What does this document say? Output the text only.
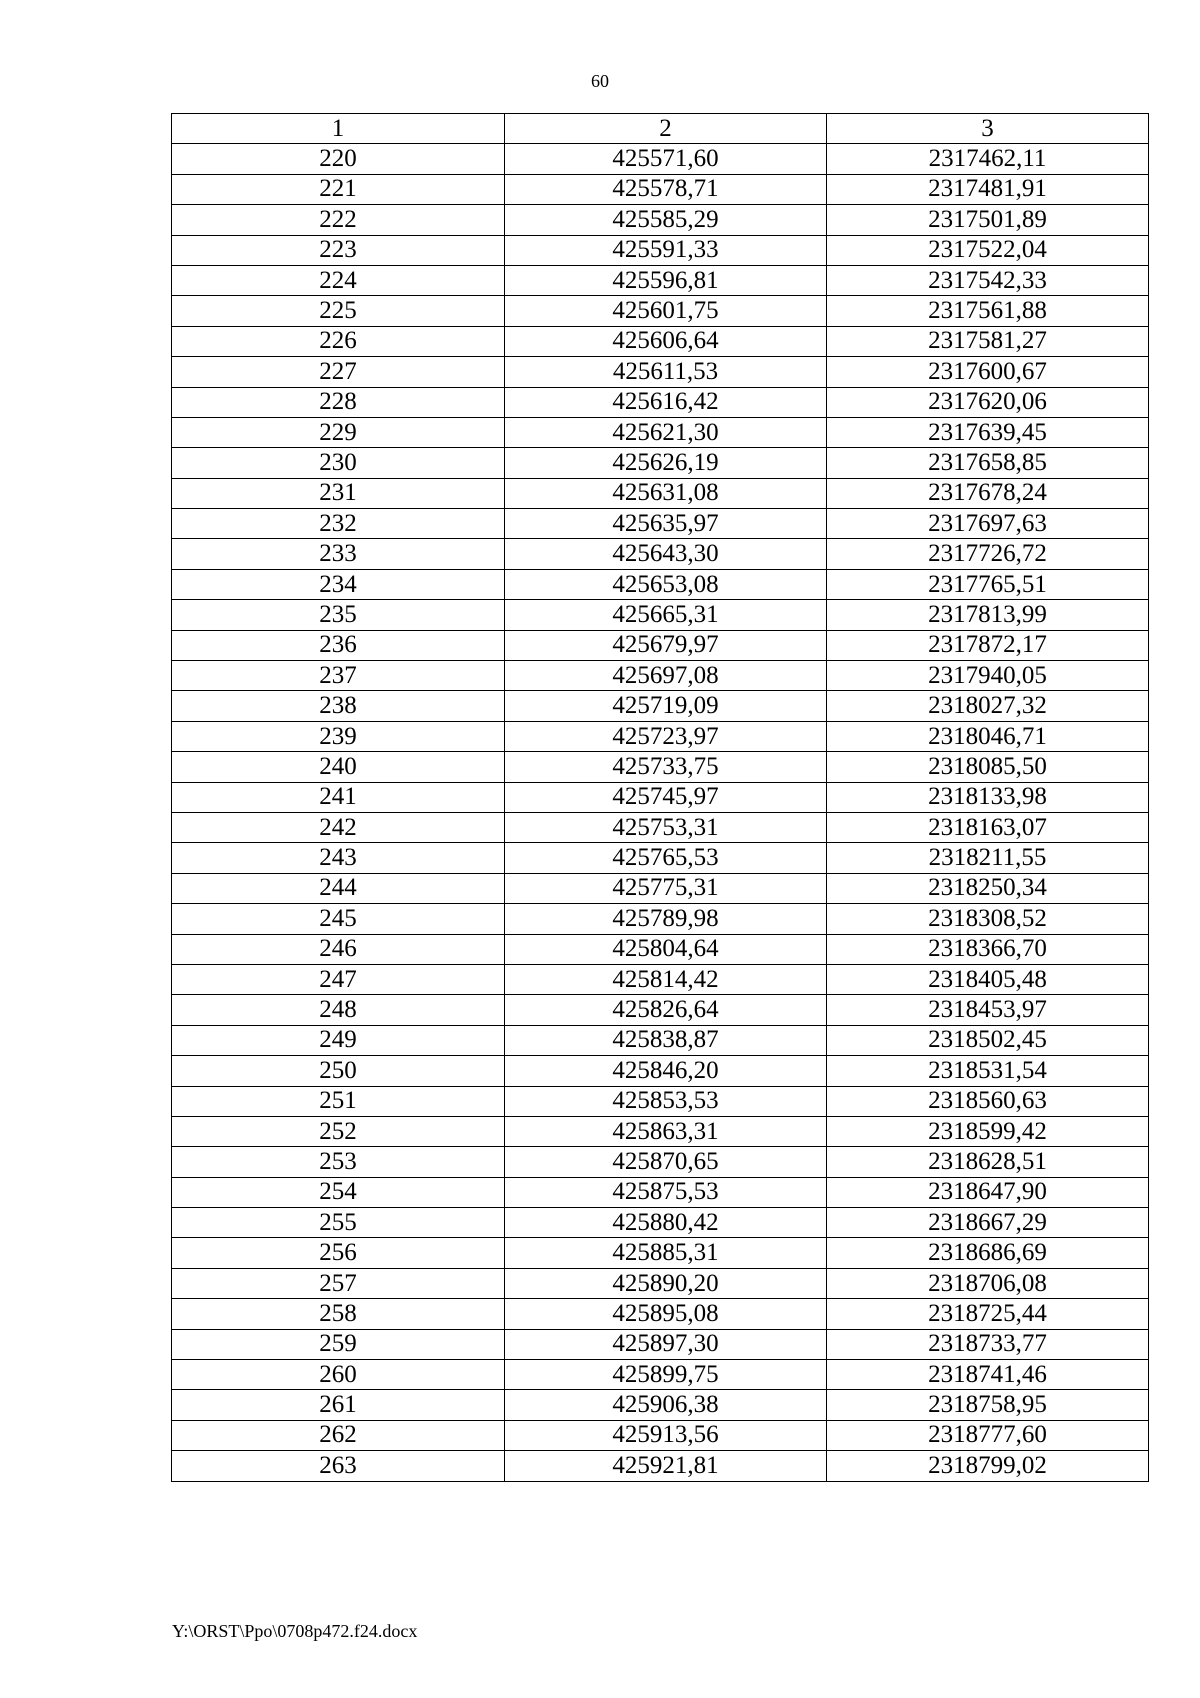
60
1	2	3
220	425571,60	2317462,11
221	425578,71	2317481,91
222	425585,29	2317501,89
223	425591,33	2317522,04
224	425596,81	2317542,33
225	425601,75	2317561,88
226	425606,64	2317581,27
227	425611,53	2317600,67
228	425616,42	2317620,06
229	425621,30	2317639,45
230	425626,19	2317658,85
231	425631,08	2317678,24
232	425635,97	2317697,63
233	425643,30	2317726,72
234	425653,08	2317765,51
235	425665,31	2317813,99
236	425679,97	2317872,17
237	425697,08	2317940,05
238	425719,09	2318027,32
239	425723,97	2318046,71
240	425733,75	2318085,50
241	425745,97	2318133,98
242	425753,31	2318163,07
243	425765,53	2318211,55
244	425775,31	2318250,34
245	425789,98	2318308,52
246	425804,64	2318366,70
247	425814,42	2318405,48
248	425826,64	2318453,97
249	425838,87	2318502,45
250	425846,20	2318531,54
251	425853,53	2318560,63
252	425863,31	2318599,42
253	425870,65	2318628,51
254	425875,53	2318647,90
255	425880,42	2318667,29
256	425885,31	2318686,69
257	425890,20	2318706,08
258	425895,08	2318725,44
259	425897,30	2318733,77
260	425899,75	2318741,46
261	425906,38	2318758,95
262	425913,56	2318777,60
263	425921,81	2318799,02
Y:\ORST\Ppo\0708p472.f24.docx
